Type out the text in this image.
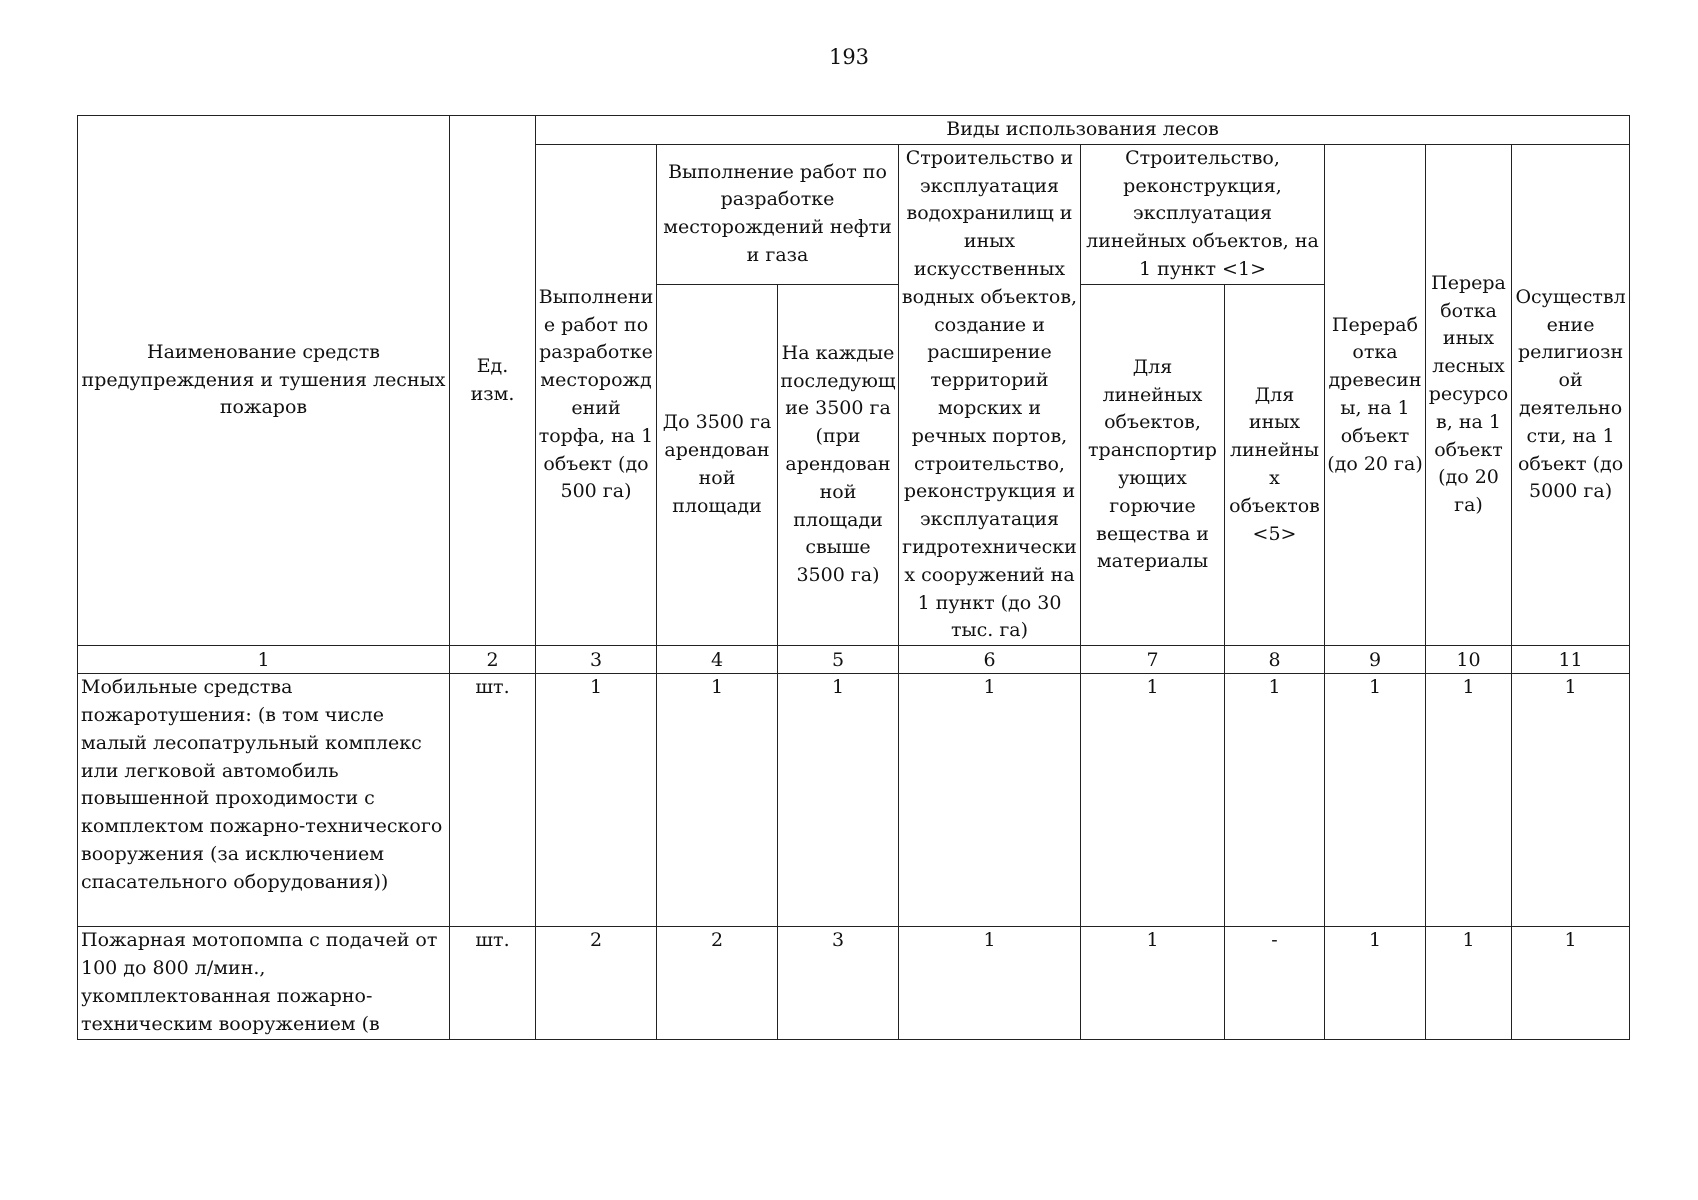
193
Наименование средств предупреждения и тушения лесных пожаров	Ед. изм.	Виды использования лесов								
		Выполнение работ по разработке месторождений торфа, на 1 объект (до 500 га)	Выполнение работ по разработке месторождений нефти и газа		Строительство и эксплуатация водохранилищ и иных искусственных водных объектов, создание и расширение территорий морских и речных портов, строительство, реконструкция и эксплуатация гидротехнических сооружений на 1 пункт (до 30 тыс. га)	Строительство, реконструкция, эксплуатация линейных объектов, на 1 пункт <1>		Переработка древесины, на 1 объект (до 20 га)	Переработка иных лесных ресурсов, на 1 объект (до 20 га)	Осуществление религиозной деятельности, на 1 объект (до 5000 га)
			До 3500 га арендованной площади	На каждые последующие 3500 га (при арендованной площади свыше 3500 га)		Для линейных объектов, транспортирующих горючие вещества и материалы	Для иных линейных объектов <5>			

1	2	3	4	5	6	7	8	9	10	11
Мобильные средства пожаротушения: (в том числе малый лесопатрульный комплекс или легковой автомобиль повышенной проходимости с комплектом пожарно-технического вооружения (за исключением спасательного оборудования))	шт.	1	1	1	1	1	1	1	1	1
Пожарная мотопомпа с подачей от 100 до 800 л/мин., укомплектованная пожарно-техническим вооружением (в	шт.	2	2	3	1	1	-	1	1	1
